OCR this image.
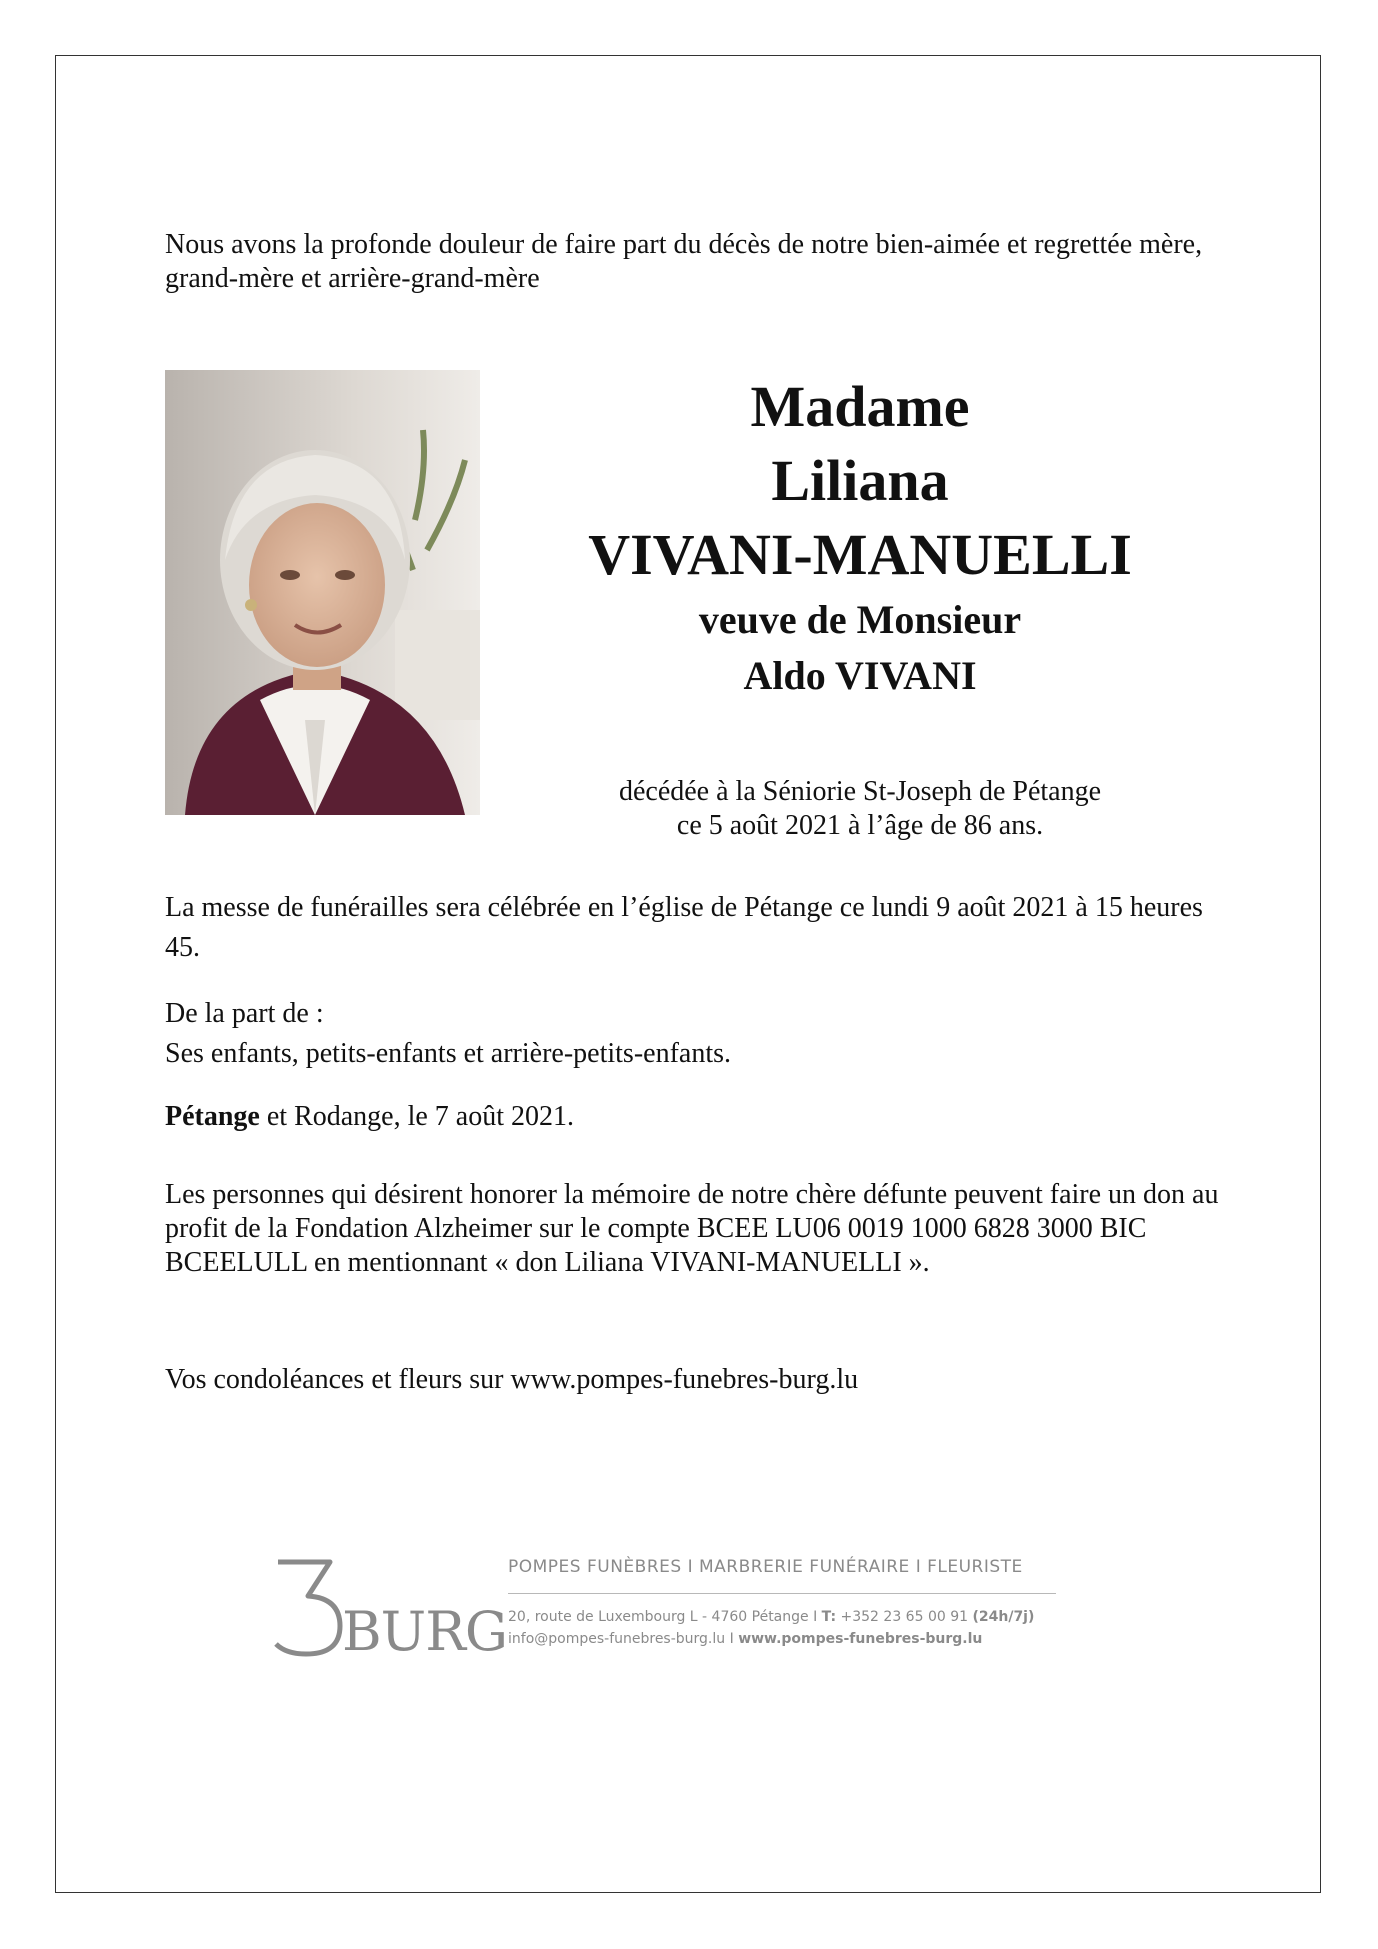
Nous avons la profonde douleur de faire part du décès de notre bien-aimée et regrettée mère, grand-mère et arrière-grand-mère

Madame

Liliana

VIVANI-MANUELLI

veuve de Monsieur

Aldo VIVANI

décédée à la Séniorie St-Joseph de Pétange
ce 5 août 2021 à l’âge de 86 ans.

La messe de funérailles sera célébrée en l’église de Pétange ce lundi 9 août 2021 à 15 heures 45.

De la part de :
Ses enfants, petits-enfants et arrière-petits-enfants.

Pétange et Rodange, le 7 août 2021.

Les personnes qui désirent honorer la mémoire de notre chère défunte peuvent faire un don au profit de la Fondation Alzheimer sur le compte BCEE LU06 0019 1000 6828 3000 BIC BCEELULL en mentionnant « don Liliana VIVANI-MANUELLI ».

Vos condoléances et fleurs sur www.pompes-funebres-burg.lu

BURG
POMPES FUNÈBRES I MARBRERIE FUNÉRAIRE I FLEURISTE
20, route de Luxembourg L - 4760 Pétange I T: +352 23 65 00 91 (24h/7j)
info@pompes-funebres-burg.lu I www.pompes-funebres-burg.lu
